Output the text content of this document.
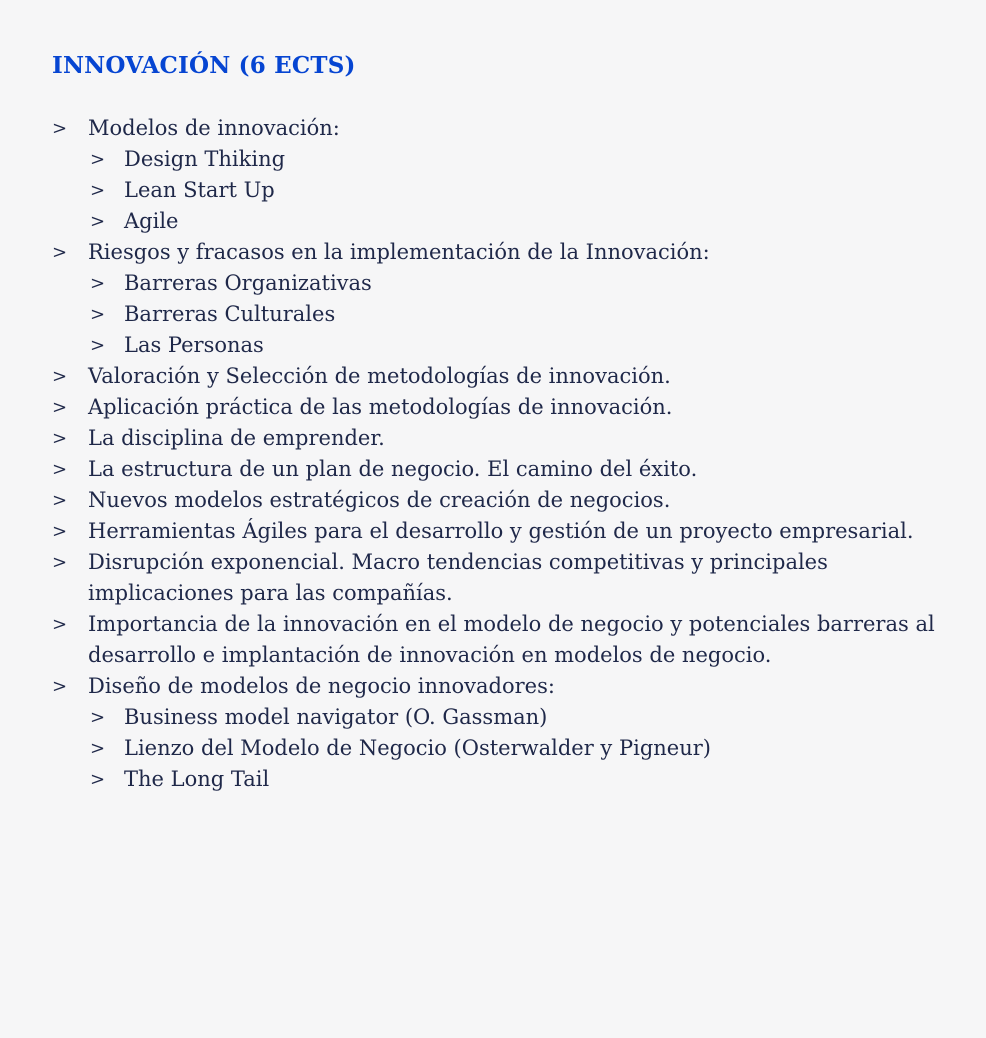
INNOVACIÓN (6 ECTS)
> Modelos de innovación:
> Design Thiking
> Lean Start Up
> Agile
> Riesgos y fracasos en la implementación de la Innovación:
> Barreras Organizativas
> Barreras Culturales
> Las Personas
> Valoración y Selección de metodologías de innovación.
> Aplicación práctica de las metodologías de innovación.
> La disciplina de emprender.
> La estructura de un plan de negocio. El camino del éxito.
> Nuevos modelos estratégicos de creación de negocios.
> Herramientas Ágiles para el desarrollo y gestión de un proyecto empresarial.
> Disrupción exponencial. Macro tendencias competitivas y principales implicaciones para las compañías.
> Importancia de la innovación en el modelo de negocio y potenciales barreras al desarrollo e implantación de innovación en modelos de negocio.
> Diseño de modelos de negocio innovadores:
> Business model navigator (O. Gassman)
> Lienzo del Modelo de Negocio (Osterwalder y Pigneur)
> The Long Tail
